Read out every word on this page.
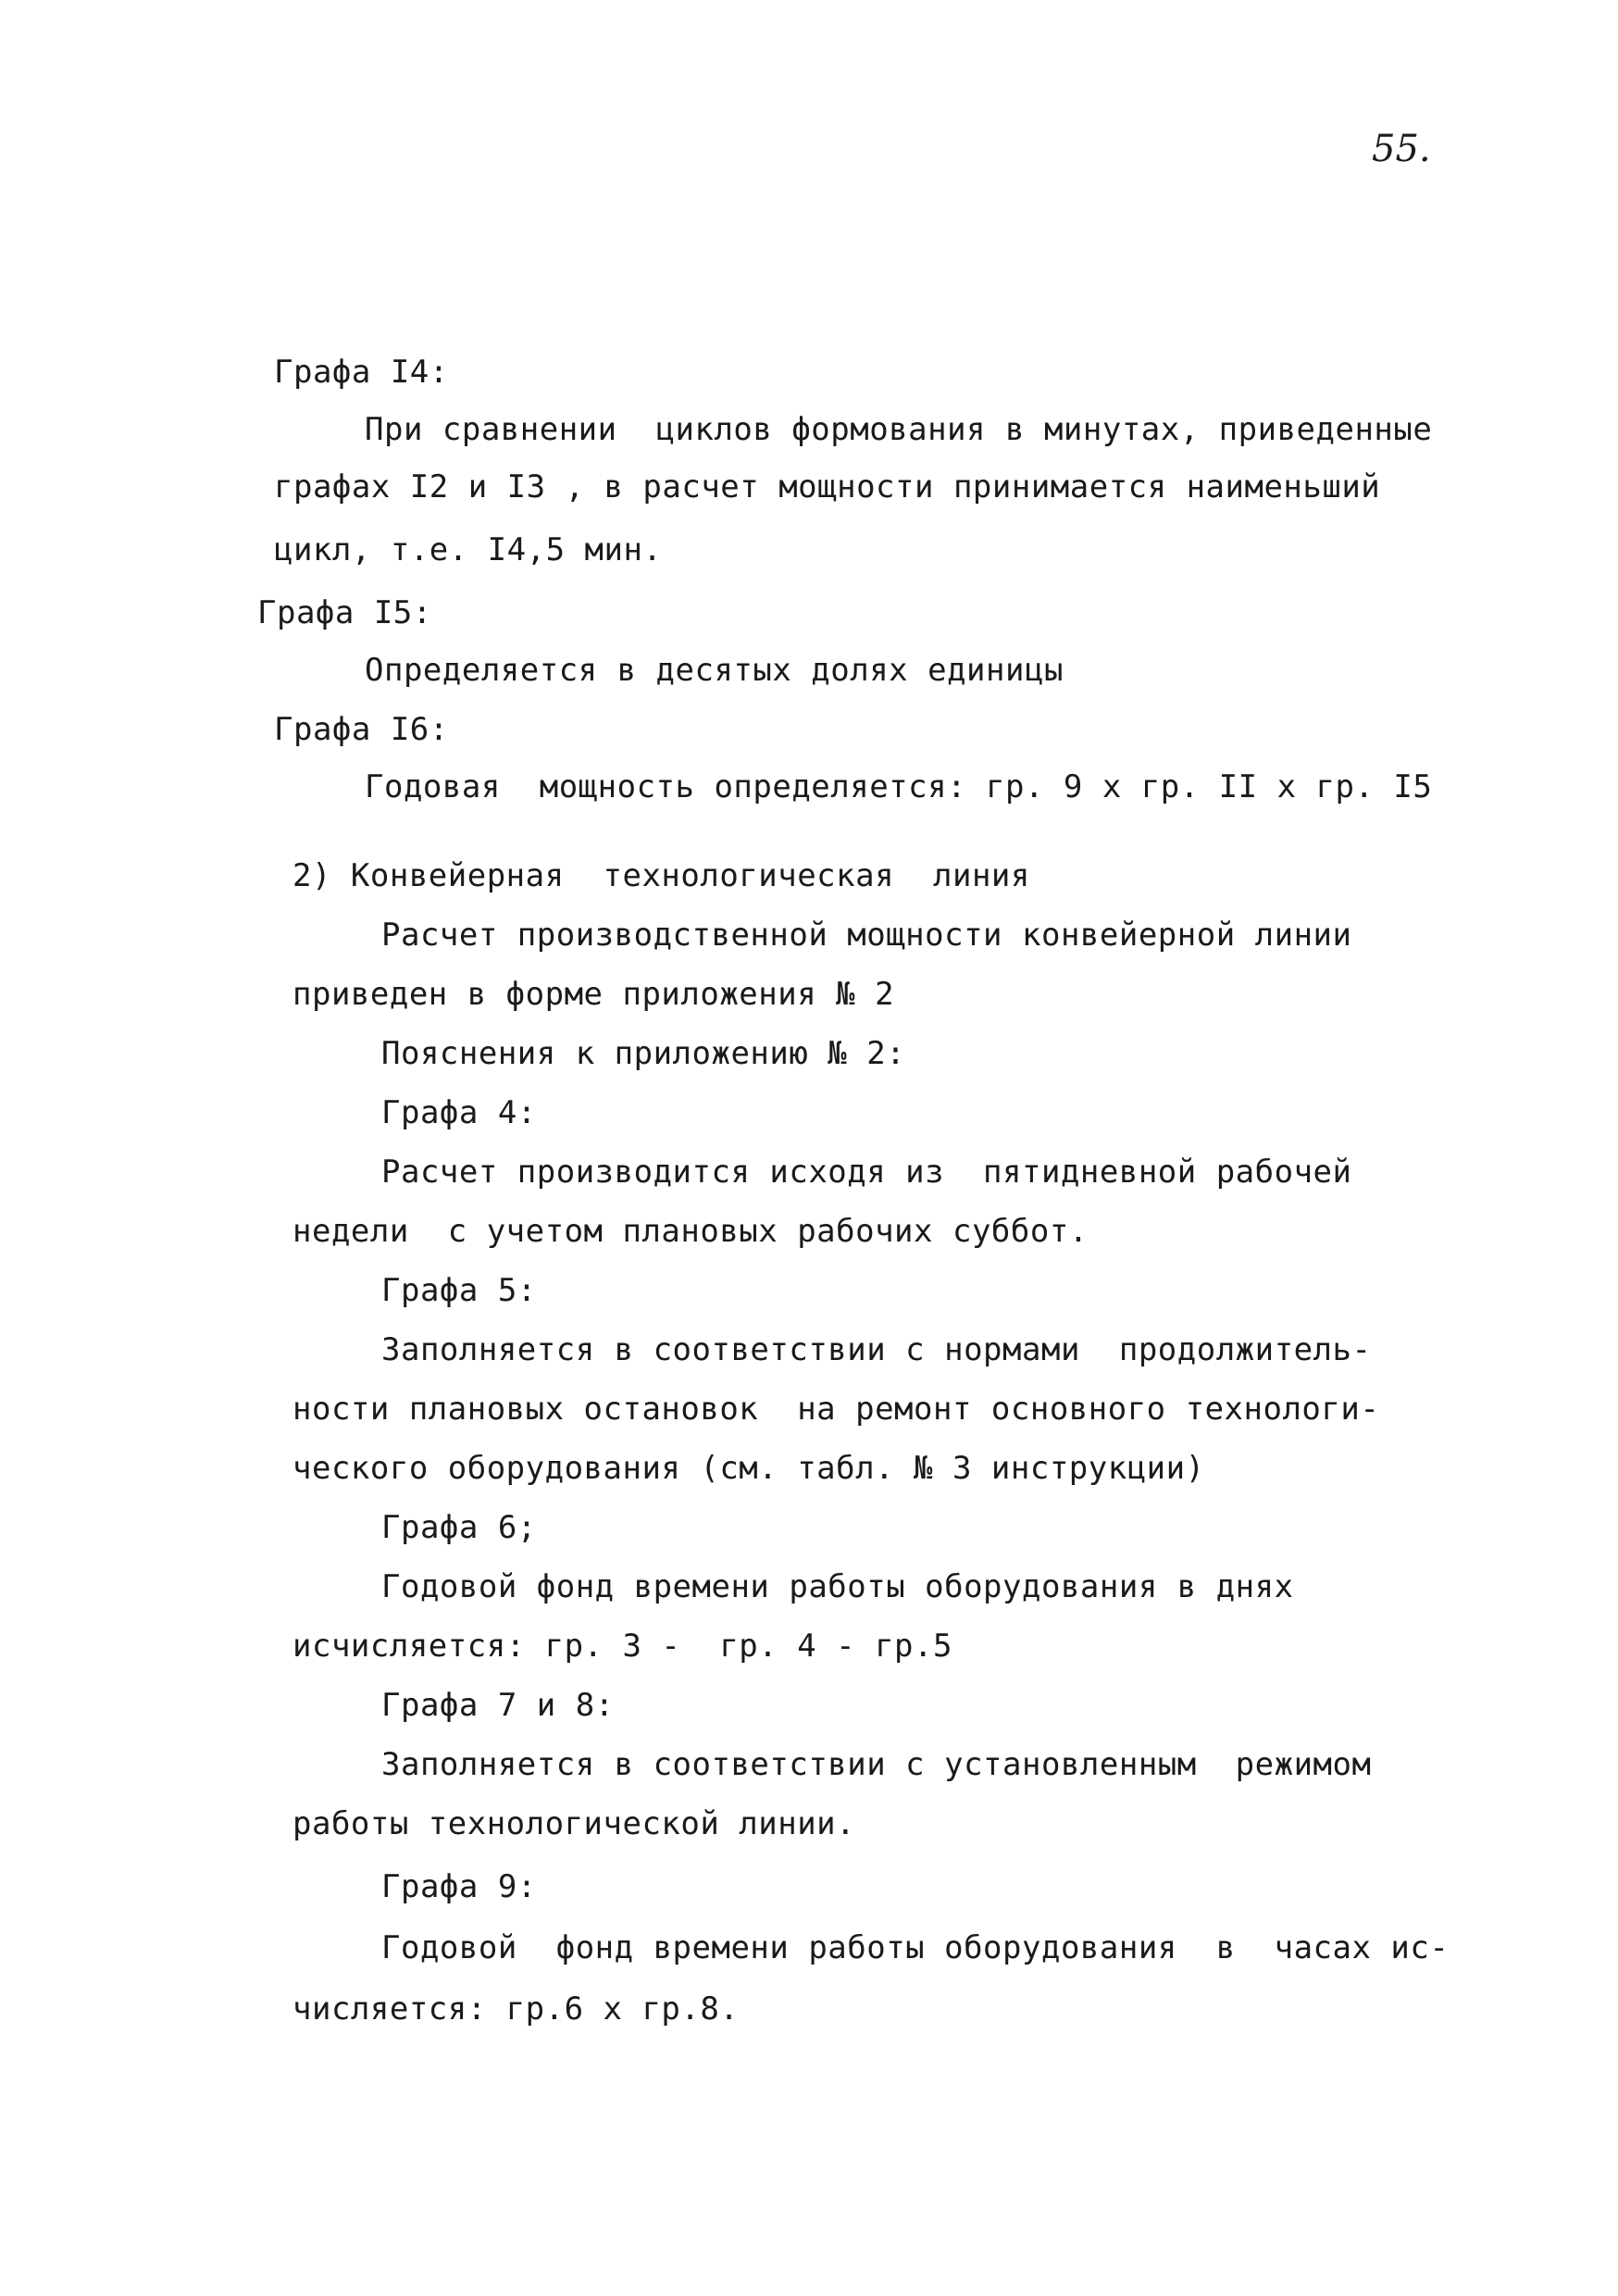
55.
Графа I4:
При сравнении  циклов формования в минутах, приведенные
графах I2 и I3 , в расчет мощности принимается наименьший
цикл, т.е. I4,5 мин.
Графа I5:
Определяется в десятых долях единицы
Графа I6:
Годовая  мощность определяется: гр. 9 х гр. II х гр. I5
2) Конвейерная  технологическая  линия
Расчет производственной мощности конвейерной линии
приведен в форме приложения № 2
Пояснения к приложению № 2:
Графа 4:
Расчет производится исходя из  пятидневной рабочей
недели  с учетом плановых рабочих суббот.
Графа 5:
Заполняется в соответствии с нормами  продолжитель-
ности плановых остановок  на ремонт основного технологи-
ческого оборудования (см. табл. № 3 инструкции)
Графа 6;
Годовой фонд времени работы оборудования в днях
исчисляется: гр. 3 -  гр. 4 - гр.5
Графа 7 и 8:
Заполняется в соответствии с установленным  режимом
работы технологической линии.
Графа 9:
Годовой  фонд времени работы оборудования  в  часах ис-
числяется: гр.6 х гр.8.
